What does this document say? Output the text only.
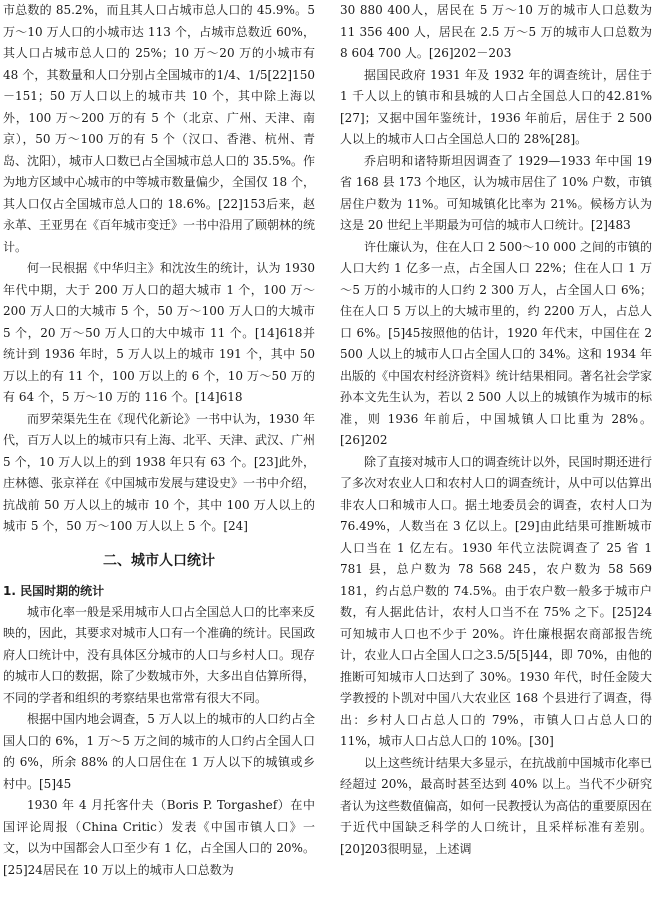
市总数的 85.2%，而且其人口占城市总人口的 45.9%。5 万～10 万人口的小城市达 113 个，占城市总数近 60%，其人口占城市总人口的 25%；10 万～20 万的小城市有 48 个，其数量和人口分别占全国城市的1/4、1/5[22]150－151；50 万人口以上的城市共 10 个，其中除上海以外，100 万～200 万的有 5 个（北京、广州、天津、南京），50 万～100 万的有 5 个（汉口、香港、杭州、青岛、沈阳），城市人口数已占全国城市总人口的 35.5%。作为地方区域中心城市的中等城市数量偏少，全国仅 18 个，其人口仅占全国城市总人口的 18.6%。[22]153后来，赵永革、王亚男在《百年城市变迁》一书中沿用了顾朝林的统计。

何一民根据《中华归主》和沈汝生的统计，认为 1930 年代中期，大于 200 万人口的超大城市 1 个，100 万～200 万人口的大城市 5 个，50 万～100 万人口的大城市 5 个，20 万～50 万人口的大中城市 11 个。[14]618并统计到 1936 年时，5 万人以上的城市 191 个，其中 50 万以上的有 11 个，100 万以上的 6 个，10 万～50 万的有 64 个，5 万～10 万的 116 个。[14]618

而罗荣渠先生在《现代化新论》一书中认为，1930 年代，百万人以上的城市只有上海、北平、天津、武汉、广州 5 个，10 万人以上的到 1938 年只有 63 个。[23]此外，庄林德、张京祥在《中国城市发展与建设史》一书中介绍，抗战前 50 万人以上的城市 10 个，其中 100 万人以上的城市 5 个，50 万～100 万人以上 5 个。[24]

二、城市人口统计
1. 民国时期的统计

城市化率一般是采用城市人口占全国总人口的比率来反映的，因此，其要求对城市人口有一个准确的统计。民国政府人口统计中，没有具体区分城市的人口与乡村人口。现存的城市人口的数据，除了少数城市外，大多出自估算所得，不同的学者和组织的考察结果也常常有很大不同。

根据中国内地会调查，5 万人以上的城市的人口约占全国人口的 6%，1 万～5 万之间的城市的人口约占全国人口的 6%，所余 88% 的人口居住在 1 万人以下的城镇或乡村中。[5]45

1930 年 4 月托客什夫（Boris P. Torgashef）在中国评论周报（China Critic）发表《中国市镇人口》一文，以为中国都会人口至少有 1 亿，占全国人口的 20%。[25]24居民在 10 万以上的城市人口总数为

30 880 400人，居民在 5 万～10 万的城市人口总数为 11 356 400 人，居民在 2.5 万～5 万的城市人口总数为 8 604 700 人。[26]202－203

据国民政府 1931 年及 1932 年的调查统计，居住于 1 千人以上的镇市和县城的人口占全国总人口的42.81%[27]；又据中国年鉴统计，1936 年前后，居住于 2 500 人以上的城市人口占全国总人口的 28%[28]。

乔启明和诸特斯坦因调查了 1929—1933 年中国 19 省 168 县 173 个地区，认为城市居住了 10% 户数，市镇居住户数为 11%。可知城镇化比率为 21%。候杨方认为这是 20 世纪上半期最为可信的城市人口统计。[2]483

许仕廉认为，住在人口 2 500～10 000 之间的市镇的人口大约 1 亿多一点，占全国人口 22%；住在人口 1 万～5 万的小城市的人口约 2 300 万人，占全国人口 6%；住在人口 5 万以上的大城市里的，约 2200 万人，占总人口 6%。[5]45按照他的估计，1920 年代末，中国住在 2 500 人以上的城市人口占全国人口的 34%。这和 1934 年出版的《中国农村经济资料》统计结果相同。著名社会学家孙本文先生认为，若以 2 500 人以上的城镇作为城市的标准，则 1936 年前后，中国城镇人口比重为 28%。[26]202

除了直接对城市人口的调查统计以外，民国时期还进行了多次对农业人口和农村人口的调查统计，从中可以估算出非农人口和城市人口。据土地委员会的调查，农村人口为 76.49%，人数当在 3 亿以上。[29]由此结果可推断城市人口当在 1 亿左右。1930 年代立法院调查了 25 省 1 781 县，总户数为 78 568 245，农户数为 58 569 181，约占总户数的 74.5%。由于农户数一般多于城市户数，有人据此估计，农村人口当不在 75% 之下。[25]24可知城市人口也不少于 20%。许仕廉根据农商部报告统计，农业人口占全国人口之3.5/5[5]44，即 70%，由他的推断可知城市人口达到了 30%。1930 年代，时任金陵大学教授的卜凯对中国八大农业区 168 个县进行了调查，得出：乡村人口占总人口的 79%，市镇人口占总人口的 11%，城市人口占总人口的 10%。[30]

以上这些统计结果大多显示，在抗战前中国城市化率已经超过 20%，最高时甚至达到 40% 以上。当代不少研究者认为这些数值偏高，如何一民教授认为高估的重要原因在于近代中国缺乏科学的人口统计，且采样标准有差别。[20]203很明显，上述调
